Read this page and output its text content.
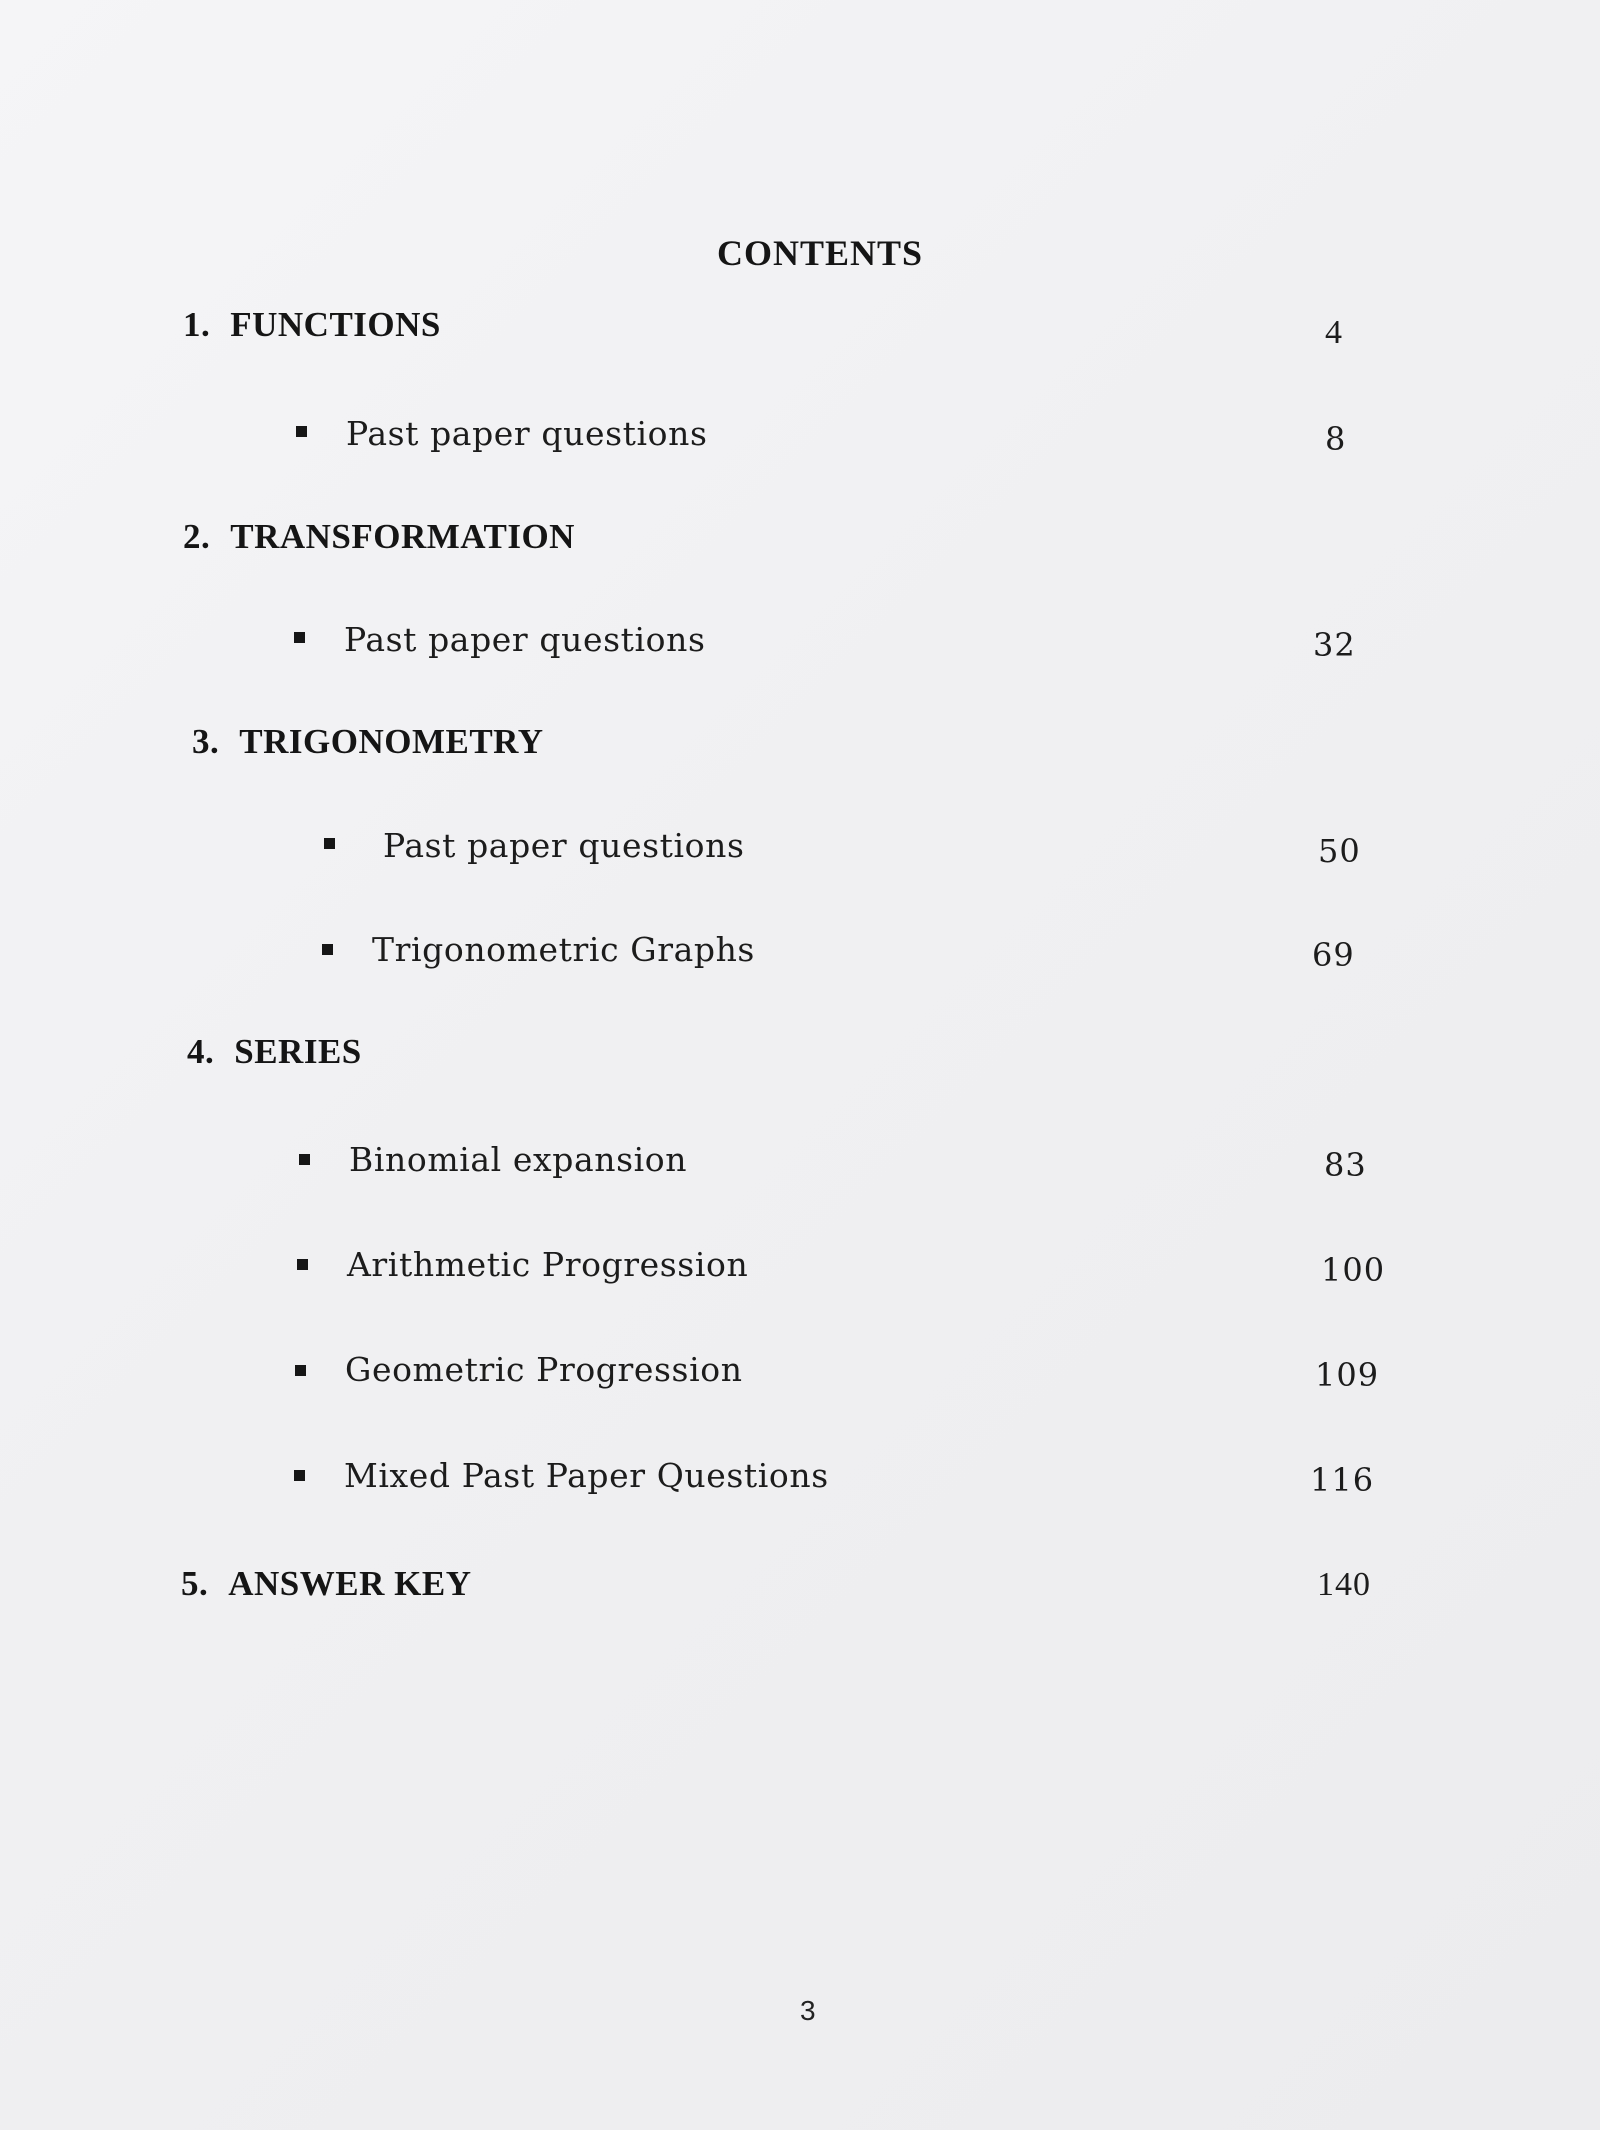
CONTENTS
1. FUNCTIONS	4
Past paper questions	8
2. TRANSFORMATION
Past paper questions	32
3. TRIGONOMETRY
Past paper questions	50
Trigonometric Graphs	69
4. SERIES
Binomial expansion	83
Arithmetic Progression	100
Geometric Progression	109
Mixed Past Paper Questions	116
5. ANSWER KEY	140
3
